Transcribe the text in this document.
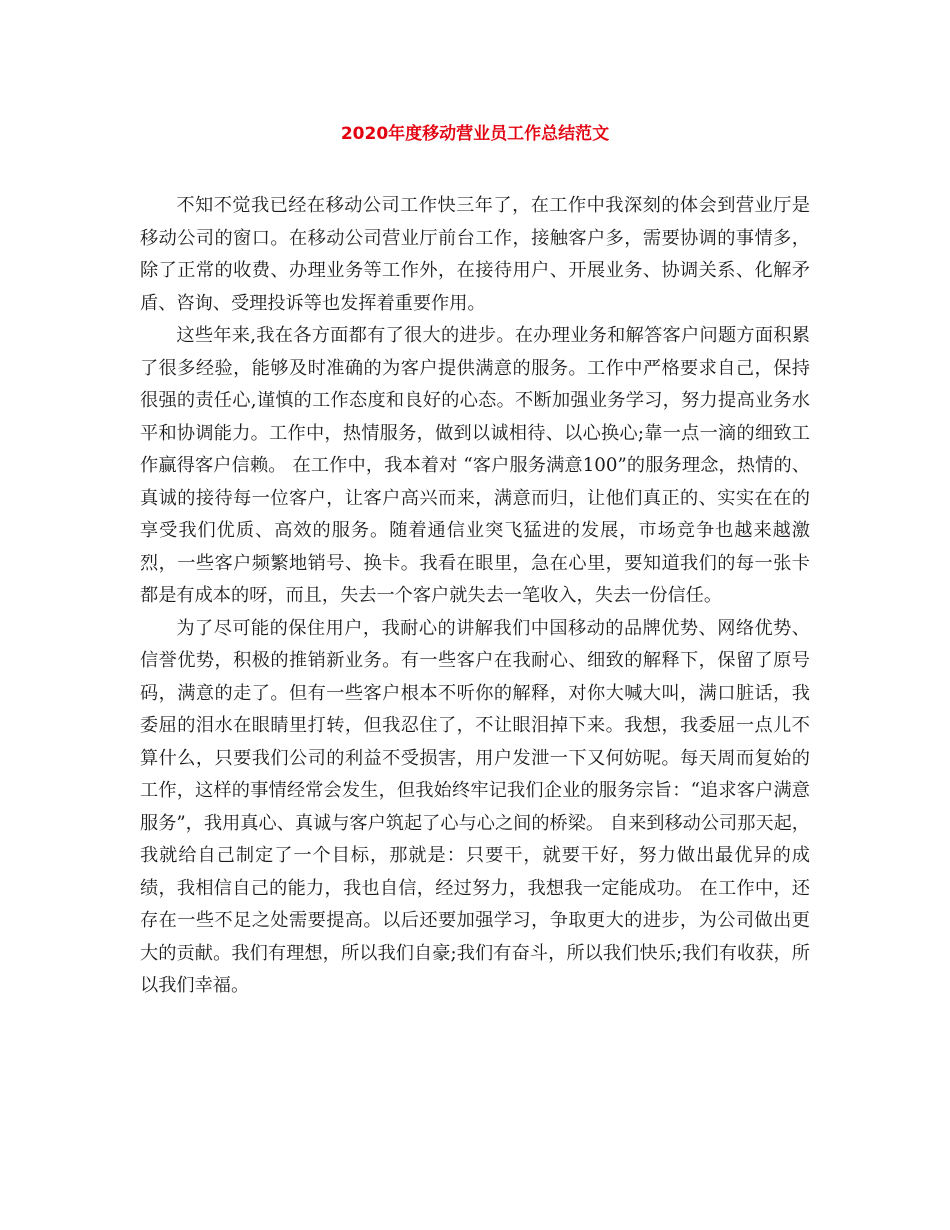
2020年度移动营业员工作总结范文

不知不觉我已经在移动公司工作快三年了，在工作中我深刻的体会到营业厅是移动公司的窗口。在移动公司营业厅前台工作，接触客户多，需要协调的事情多，除了正常的收费、办理业务等工作外，在接待用户、开展业务、协调关系、化解矛盾、咨询、受理投诉等也发挥着重要作用。

这些年来,我在各方面都有了很大的进步。在办理业务和解答客户问题方面积累了很多经验，能够及时准确的为客户提供满意的服务。工作中严格要求自己，保持很强的责任心,谨慎的工作态度和良好的心态。不断加强业务学习，努力提高业务水平和协调能力。工作中，热情服务，做到以诚相待、以心换心;靠一点一滴的细致工作赢得客户信赖。 在工作中，我本着对 “客户服务满意100”的服务理念，热情的、真诚的接待每一位客户，让客户高兴而来，满意而归，让他们真正的、实实在在的享受我们优质、高效的服务。随着通信业突飞猛进的发展，市场竞争也越来越激烈，一些客户频繁地销号、换卡。我看在眼里，急在心里，要知道我们的每一张卡都是有成本的呀，而且，失去一个客户就失去一笔收入，失去一份信任。

为了尽可能的保住用户，我耐心的讲解我们中国移动的品牌优势、网络优势、信誉优势，积极的推销新业务。有一些客户在我耐心、细致的解释下，保留了原号码，满意的走了。但有一些客户根本不听你的解释，对你大喊大叫，满口脏话，我委屈的泪水在眼睛里打转，但我忍住了，不让眼泪掉下来。我想，我委屈一点儿不算什么，只要我们公司的利益不受损害，用户发泄一下又何妨呢。每天周而复始的工作，这样的事情经常会发生，但我始终牢记我们企业的服务宗旨：“追求客户满意服务”，我用真心、真诚与客户筑起了心与心之间的桥梁。 自来到移动公司那天起，我就给自己制定了一个目标，那就是：只要干，就要干好，努力做出最优异的成绩，我相信自己的能力，我也自信，经过努力，我想我一定能成功。 在工作中，还存在一些不足之处需要提高。以后还要加强学习，争取更大的进步，为公司做出更大的贡献。我们有理想，所以我们自豪;我们有奋斗，所以我们快乐;我们有收获，所以我们幸福。
